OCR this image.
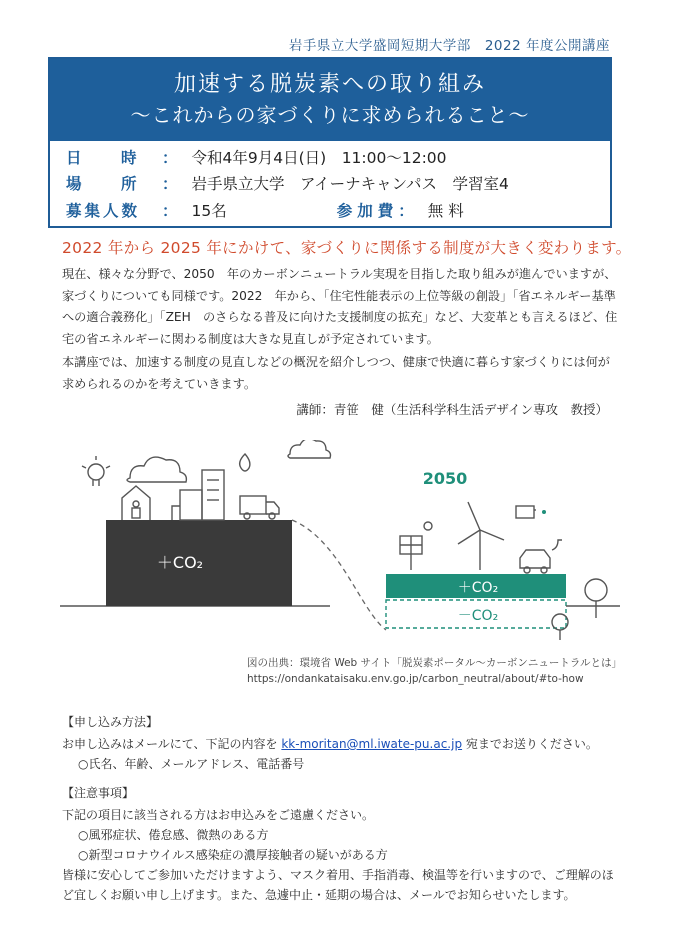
岩手県立大学盛岡短期大学部　2022 年度公開講座
加速する脱炭素への取り組み
～これからの家づくりに求められること～
日　時 ： 令和4年9月4日(日)　11:00～12:00
場　所 ： 岩手県立大学　アイーナキャンパス　学習室4
募集人数	： 15名	参加費 ： 無 料
2022 年から 2025 年にかけて、家づくりに関係する制度が大きく変わります。
現在、様々な分野で、2050　年のカーボンニュートラル実現を目指した取り組みが進んでいますが、家づくりについても同様です。2022　年から、「住宅性能表示の上位等級の創設」「省エネルギー基準への適合義務化」「ZEH　のさらなる普及に向けた支援制度の拡充」など、大変革とも言えるほど、住宅の省エネルギーに関わる制度は大きな見直しが予定されています。
本講座では、加速する制度の見直しなどの概況を紹介しつつ、健康で快適に暮らす家づくりには何が求められるのかを考えていきます。
講師：青笹　健（生活科学科生活デザイン専攻　教授）
＋CO₂
2050
＋CO₂
－CO₂
図の出典：環境省 Web サイト「脱炭素ポータル～カーボンニュートラルとは」
https://ondankataisaku.env.go.jp/carbon_neutral/about/#to-how
【申し込み方法】
お申し込みはメールにて、下記の内容を kk-moritan@ml.iwate-pu.ac.jp 宛までお送りください。
○氏名、年齢、メールアドレス、電話番号
【注意事項】
下記の項目に該当される方はお申込みをご遠慮ください。
○風邪症状、倦怠感、微熱のある方
○新型コロナウイルス感染症の濃厚接触者の疑いがある方
皆様に安心してご参加いただけますよう、マスク着用、手指消毒、検温等を行いますので、ご理解のほど宜しくお願い申し上げます。また、急遽中止・延期の場合は、メールでお知らせいたします。
